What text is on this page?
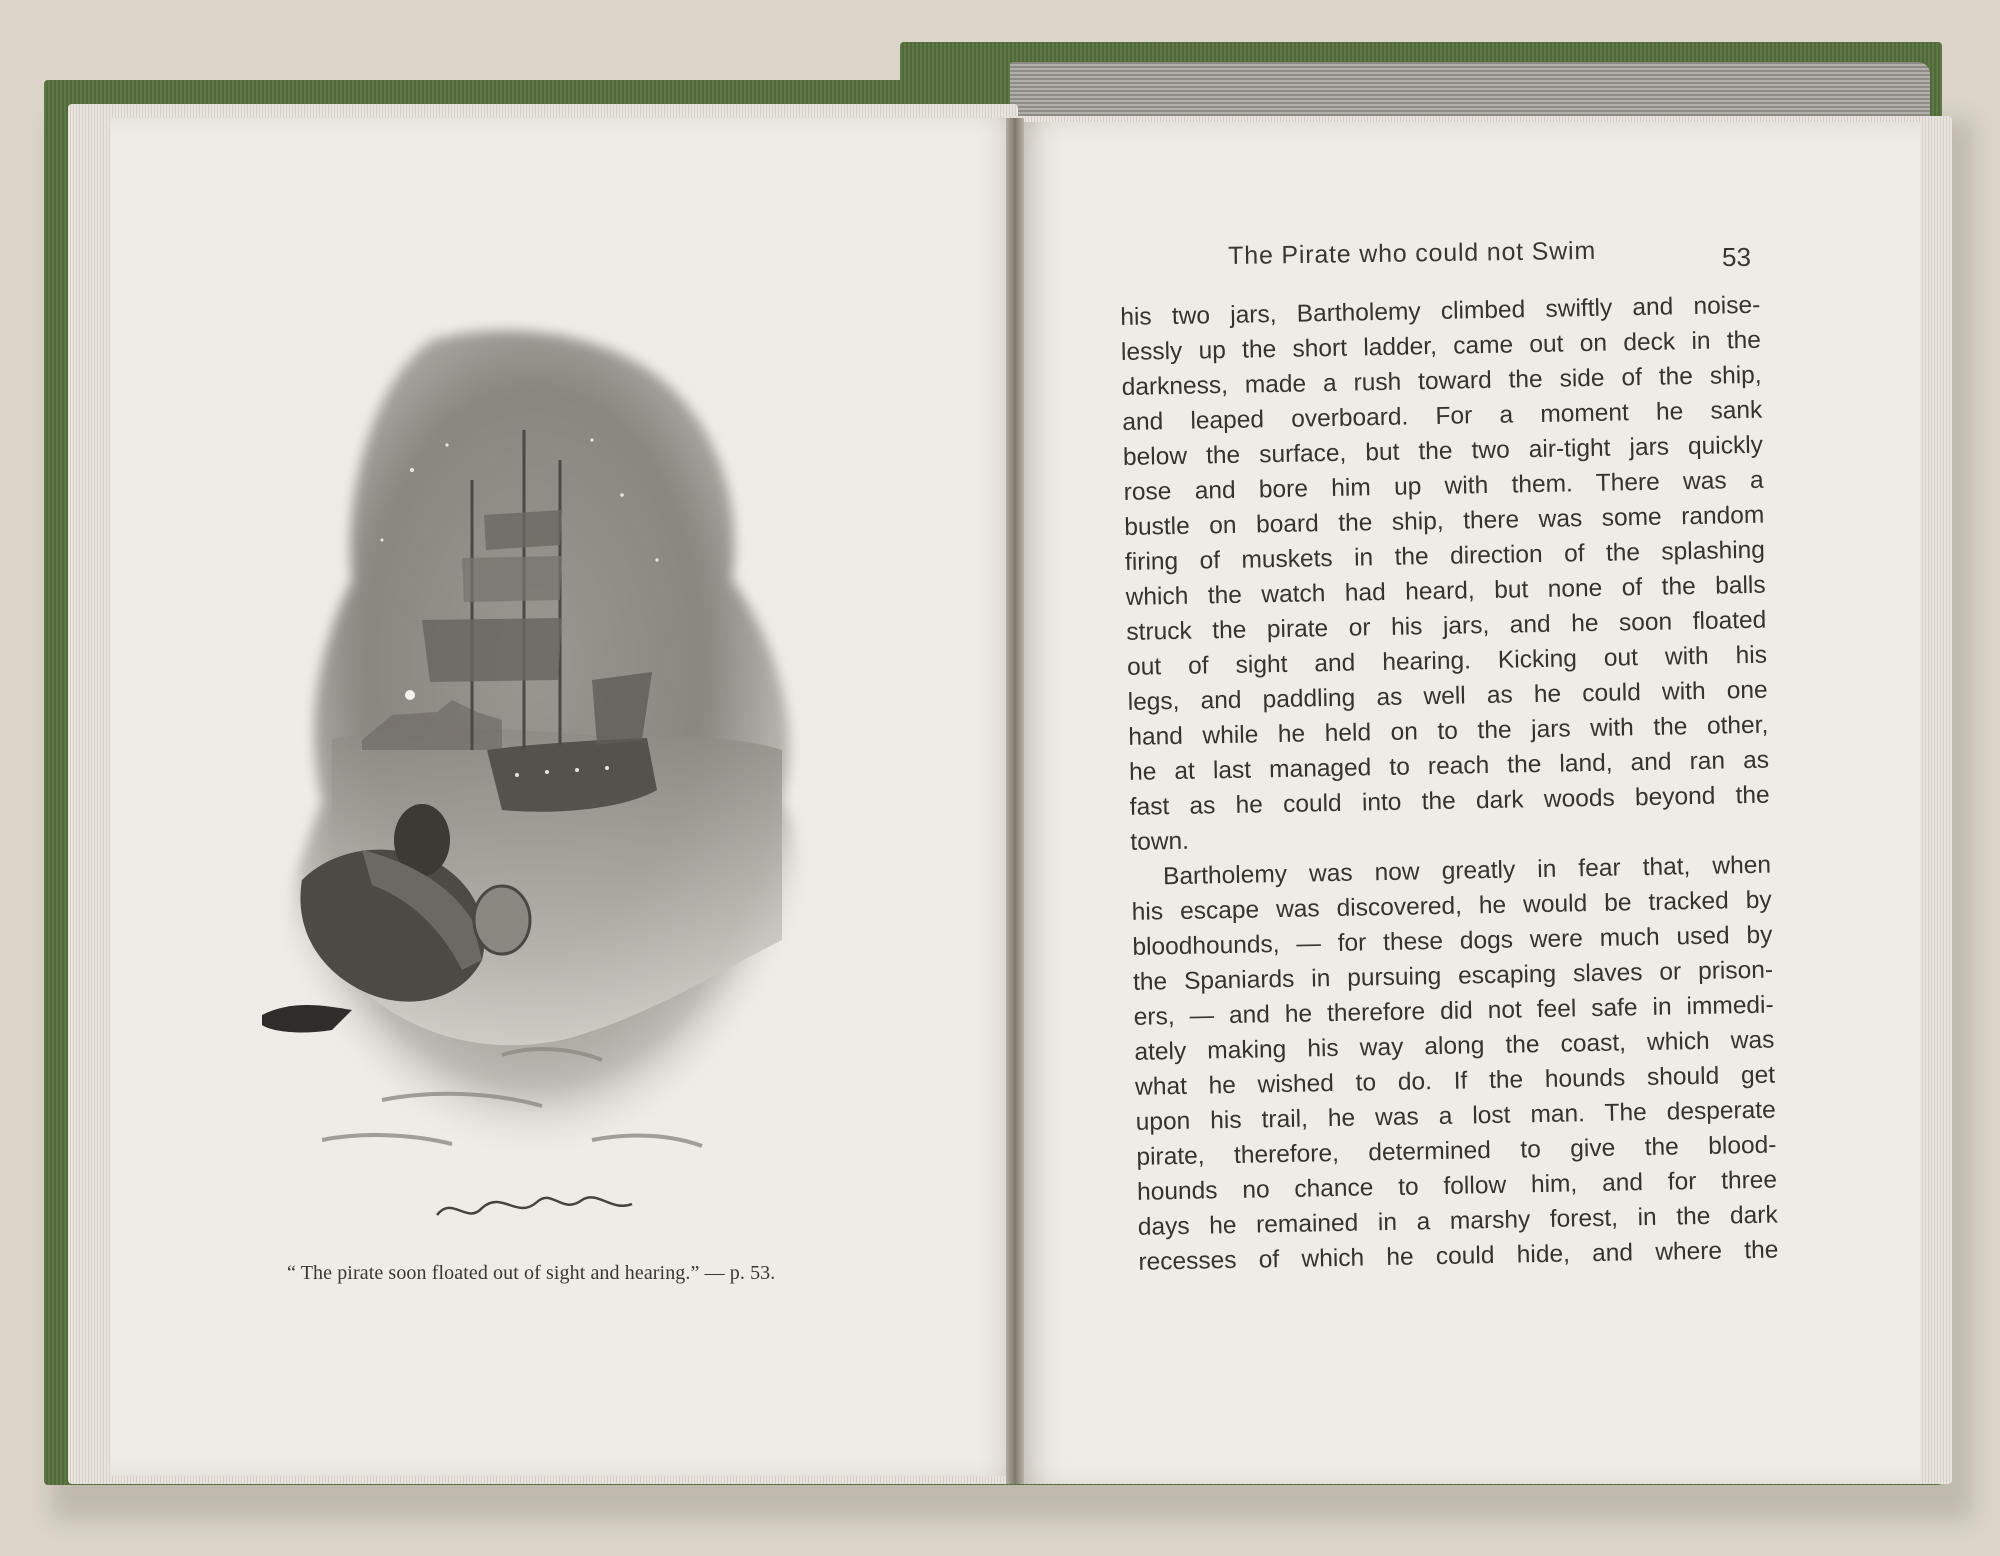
“ The pirate soon floated out of sight and hearing.” — p. 53.
The Pirate who could not Swim	53
his two jars, Bartholemy climbed swiftly and noise-
lessly up the short ladder, came out on deck in the
darkness, made a rush toward the side of the ship,
and leaped overboard. For a moment he sank
below the surface, but the two air-tight jars quickly
rose and bore him up with them. There was a
bustle on board the ship, there was some random
firing of muskets in the direction of the splashing
which the watch had heard, but none of the balls
struck the pirate or his jars, and he soon floated
out of sight and hearing. Kicking out with his
legs, and paddling as well as he could with one
hand while he held on to the jars with the other,
he at last managed to reach the land, and ran as
fast as he could into the dark woods beyond the
town.
Bartholemy was now greatly in fear that, when
his escape was discovered, he would be tracked by
bloodhounds, — for these dogs were much used by
the Spaniards in pursuing escaping slaves or prison-
ers, — and he therefore did not feel safe in immedi-
ately making his way along the coast, which was
what he wished to do. If the hounds should get
upon his trail, he was a lost man. The desperate
pirate, therefore, determined to give the blood-
hounds no chance to follow him, and for three
days he remained in a marshy forest, in the dark
recesses of which he could hide, and where the
